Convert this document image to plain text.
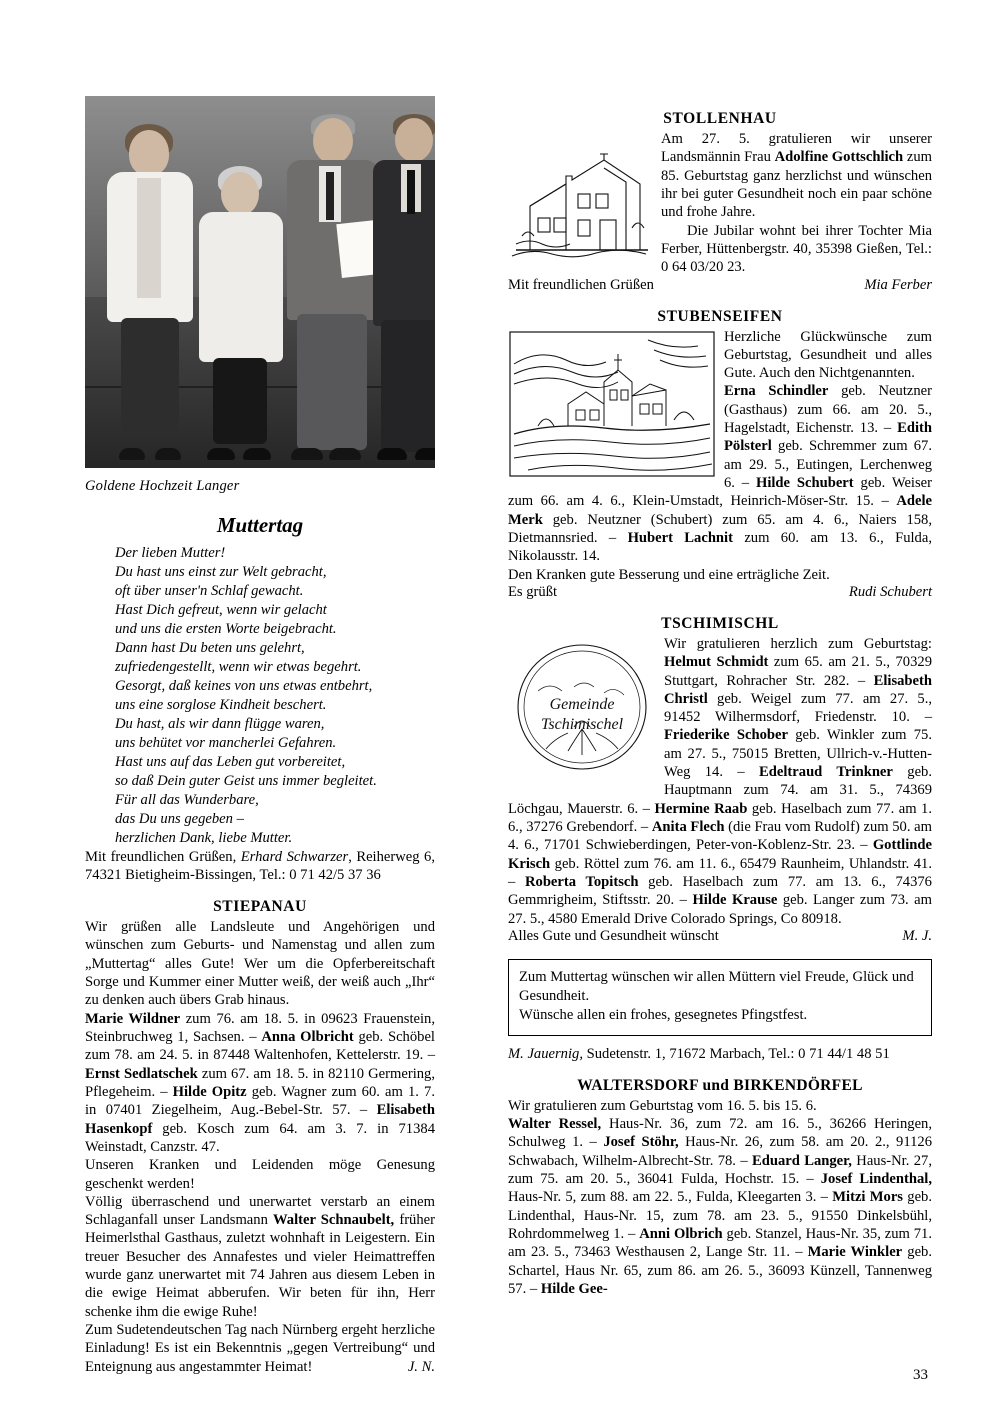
Goldene Hochzeit Langer
Muttertag
Der lieben Mutter!
Du hast uns einst zur Welt gebracht,
oft über unser'n Schlaf gewacht.
Hast Dich gefreut, wenn wir gelacht
und uns die ersten Worte beigebracht.
Dann hast Du beten uns gelehrt,
zufriedengestellt, wenn wir etwas begehrt.
Gesorgt, daß keines von uns etwas entbehrt,
uns eine sorglose Kindheit beschert.
Du hast, als wir dann flügge waren,
uns behütet vor mancherlei Gefahren.
Hast uns auf das Leben gut vorbereitet,
so daß Dein guter Geist uns immer begleitet.
Für all das Wunderbare,
das Du uns gegeben –
herzlichen Dank, liebe Mutter.

Mit freundlichen Grüßen, Erhard Schwarzer, Reiherweg 6, 74321 Bietigheim-Bissingen, Tel.: 0 71 42/5 37 36

STIEPANAU

Wir grüßen alle Landsleute und Angehörigen und wünschen zum Geburts- und Namenstag und allen zum „Muttertag“ alles Gute! Wer um die Opferbereitschaft Sorge und Kummer einer Mutter weiß, der weiß auch „Ihr“ zu denken auch übers Grab hinaus.

Marie Wildner zum 76. am 18. 5. in 09623 Frauenstein, Steinbruchweg 1, Sachsen. – Anna Olbricht geb. Schöbel zum 78. am 24. 5. in 87448 Waltenhofen, Kettelerstr. 19. – Ernst Sedlatschek zum 67. am 18. 5. in 82110 Germering, Pflegeheim. – Hilde Opitz geb. Wagner zum 60. am 1. 7. in 07401 Ziegelheim, Aug.-Bebel-Str. 57. – Elisabeth Hasenkopf geb. Kosch zum 64. am 3. 7. in 71384 Weinstadt, Canzstr. 47.

Unseren Kranken und Leidenden möge Genesung geschenkt werden!

Völlig überraschend und unerwartet verstarb an einem Schlaganfall unser Landsmann Walter Schnaubelt, früher Heimerlsthal Gasthaus, zuletzt wohnhaft in Leigestern. Ein treuer Besucher des Annafestes und vieler Heimattreffen wurde ganz unerwartet mit 74 Jahren aus diesem Leben in die ewige Heimat abberufen. Wir beten für ihn, Herr schenke ihm die ewige Ruhe!

Zum Sudetendeutschen Tag nach Nürnberg ergeht herzliche Einladung! Es ist ein Bekenntnis „gegen Vertreibung“ und Enteignung aus angestammter Heimat!	J. N.

STOLLENHAU

Am 27. 5. gratulieren wir unserer Landsmännin Frau Adolfine Gottschlich zum 85. Geburtstag ganz herzlichst und wünschen ihr bei guter Gesundheit noch ein paar schöne und frohe Jahre.

Die Jubilar wohnt bei ihrer Tochter Mia Ferber, Hüttenbergstr. 40, 35398 Gießen, Tel.: 0 64 03/20 23.

Mit freundlichen Grüßen	Mia Ferber
STUBENSEIFEN

Herzliche Glückwünsche zum Geburtstag, Gesundheit und alles Gute. Auch den Nichtgenannten.

Erna Schindler geb. Neutzner (Gasthaus) zum 66. am 20. 5., Hagelstadt, Eichenstr. 13. – Edith Pölsterl geb. Schremmer zum 67. am 29. 5., Eutingen, Lerchenweg 6. – Hilde Schubert geb. Weiser zum 66. am 4. 6., Klein-Umstadt, Heinrich-Möser-Str. 15. – Adele Merk geb. Neutzner (Schubert) zum 65. am 4. 6., Naiers 158, Dietmannsried. – Hubert Lachnit zum 60. am 13. 6., Fulda, Nikolausstr. 14.

Den Kranken gute Besserung und eine erträgliche Zeit.

Es grüßt	Rudi Schubert
TSCHIMISCHL
Gemeinde
Tschimischel

Wir gratulieren herzlich zum Geburtstag: Helmut Schmidt zum 65. am 21. 5., 70329 Stuttgart, Rohracher Str. 282. – Elisabeth Christl geb. Weigel zum 77. am 27. 5., 91452 Wilhermsdorf, Friedenstr. 10. – Friederike Schober geb. Winkler zum 75. am 27. 5., 75015 Bretten, Ullrich-v.-Hutten-Weg 14. – Edeltraud Trinkner geb. Hauptmann zum 74. am 31. 5., 74369 Löchgau, Mauerstr. 6. – Hermine Raab geb. Haselbach zum 77. am 1. 6., 37276 Grebendorf. – Anita Flech (die Frau vom Rudolf) zum 50. am 4. 6., 71701 Schwieberdingen, Peter-von-Koblenz-Str. 23. – Gottlinde Krisch geb. Röttel zum 76. am 11. 6., 65479 Raunheim, Uhlandstr. 41. – Roberta Topitsch geb. Haselbach zum 77. am 13. 6., 74376 Gemmrigheim, Stiftsstr. 20. – Hilde Krause geb. Langer zum 73. am 27. 5., 4580 Emerald Drive Colorado Springs, Co 80918.

Alles Gute und Gesundheit wünscht	M. J.
Zum Muttertag wünschen wir allen Müttern viel Freude, Glück und Gesundheit.
Wünsche allen ein frohes, gesegnetes Pfingstfest.
M. Jauernig, Sudetenstr. 1, 71672 Marbach, Tel.: 0 71 44/1 48 51
WALTERSDORF und BIRKENDÖRFEL

Wir gratulieren zum Geburtstag vom 16. 5. bis 15. 6.

Walter Ressel, Haus-Nr. 36, zum 72. am 16. 5., 36266 Heringen, Schulweg 1. – Josef Stöhr, Haus-Nr. 26, zum 58. am 20. 2., 91126 Schwabach, Wilhelm-Albrecht-Str. 78. – Eduard Langer, Haus-Nr. 27, zum 75. am 20. 5., 36041 Fulda, Hochstr. 15. – Josef Lindenthal, Haus-Nr. 5, zum 88. am 22. 5., Fulda, Kleegarten 3. – Mitzi Mors geb. Lindenthal, Haus-Nr. 15, zum 78. am 23. 5., 91550 Dinkelsbühl, Rohrdommelweg 1. – Anni Olbrich geb. Stanzel, Haus-Nr. 35, zum 71. am 23. 5., 73463 Westhausen 2, Lange Str. 11. – Marie Winkler geb. Schartel, Haus Nr. 65, zum 86. am 26. 5., 36093 Künzell, Tannenweg 57. – Hilde Gee-

33
